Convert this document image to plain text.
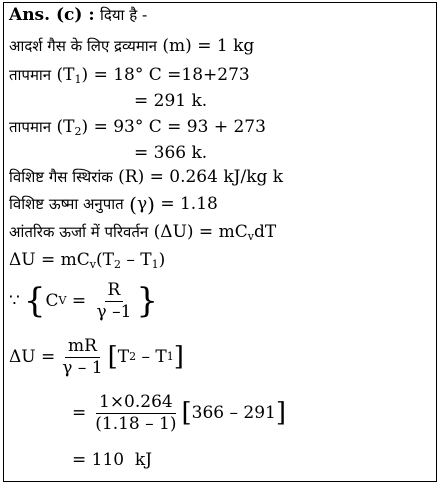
Ans. (c) : दिया है -
आदर्श गैस के लिए द्रव्यमान (m) = 1 kg
तापमान $(T_1) = 18^\circ$ C =18+273
= 291 k.
तापमान $(T_2) = 93^\circ$ C = 93 + 273
= 366 k.
विशिष्ट गैस स्थिरांक (R) = 0.264 kJ/kg k
विशिष्ट ऊष्मा अनुपात (γ) = 1.18
आंतरिक ऊर्जा में परिवर्तन $(\Delta U) = mC_vdT$
$\Delta U = mC_v(T_2 - T_1)$
∵ { C $V = \frac{R}{\gamma -1}$ }
$\Delta U = \frac{mR}{\gamma - 1}$ [ T 2 – T 1 ]
= $\frac{1\times 0.264}{(1.18 - 1)}$ [ 366 – 291 ]
= 110  kJ
